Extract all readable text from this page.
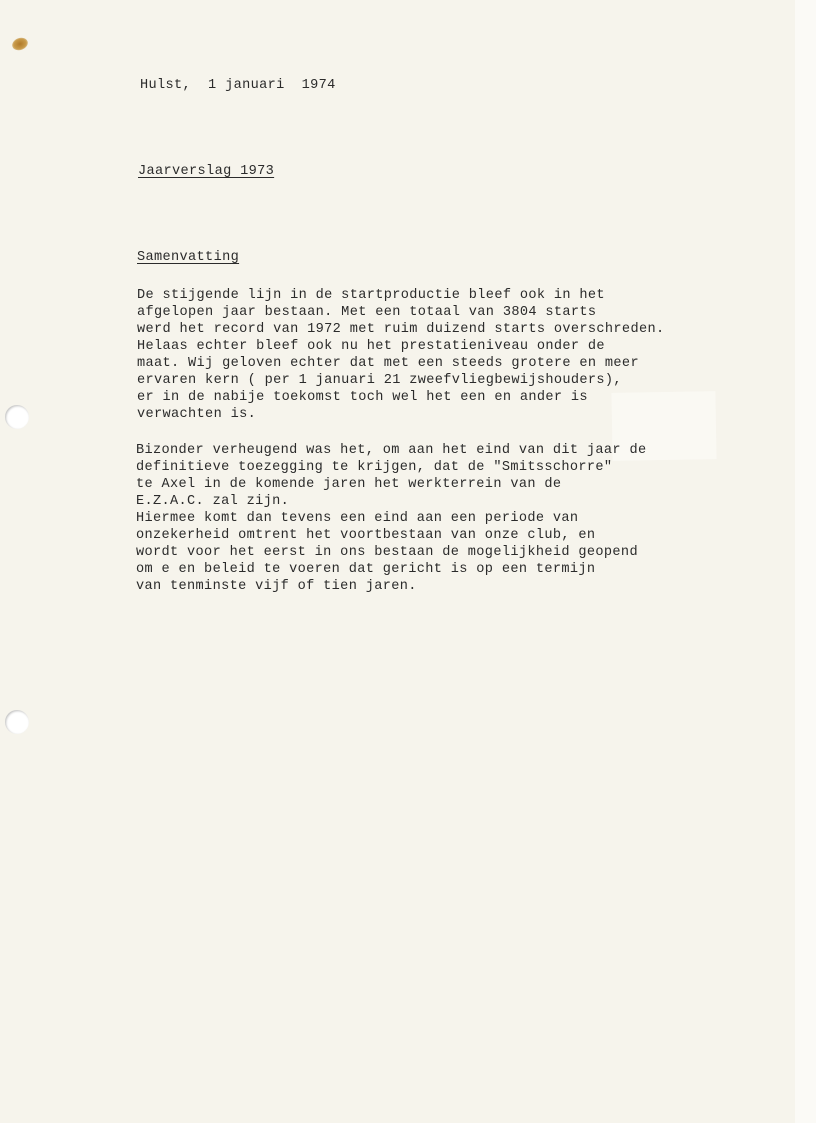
Hulst,  1 januari  1974

Jaarverslag 1973

Samenvatting

De stijgende lijn in de startproductie bleef ook in het
afgelopen jaar bestaan. Met een totaal van 3804 starts
werd het record van 1972 met ruim duizend starts overschreden.
Helaas echter bleef ook nu het prestatieniveau onder de
maat. Wij geloven echter dat met een steeds grotere en meer
ervaren kern ( per 1 januari 21 zweefvliegbewijshouders),
er in de nabije toekomst toch wel het een en ander is
verwachten is.
Bizonder verheugend was het, om aan het eind van dit jaar de
definitieve toezegging te krijgen, dat de "Smitsschorre"
te Axel in de komende jaren het werkterrein van de
E.Z.A.C. zal zijn.
Hiermee komt dan tevens een eind aan een periode van
onzekerheid omtrent het voortbestaan van onze club, en
wordt voor het eerst in ons bestaan de mogelijkheid geopend
om e en beleid te voeren dat gericht is op een termijn
van tenminste vijf of tien jaren.
